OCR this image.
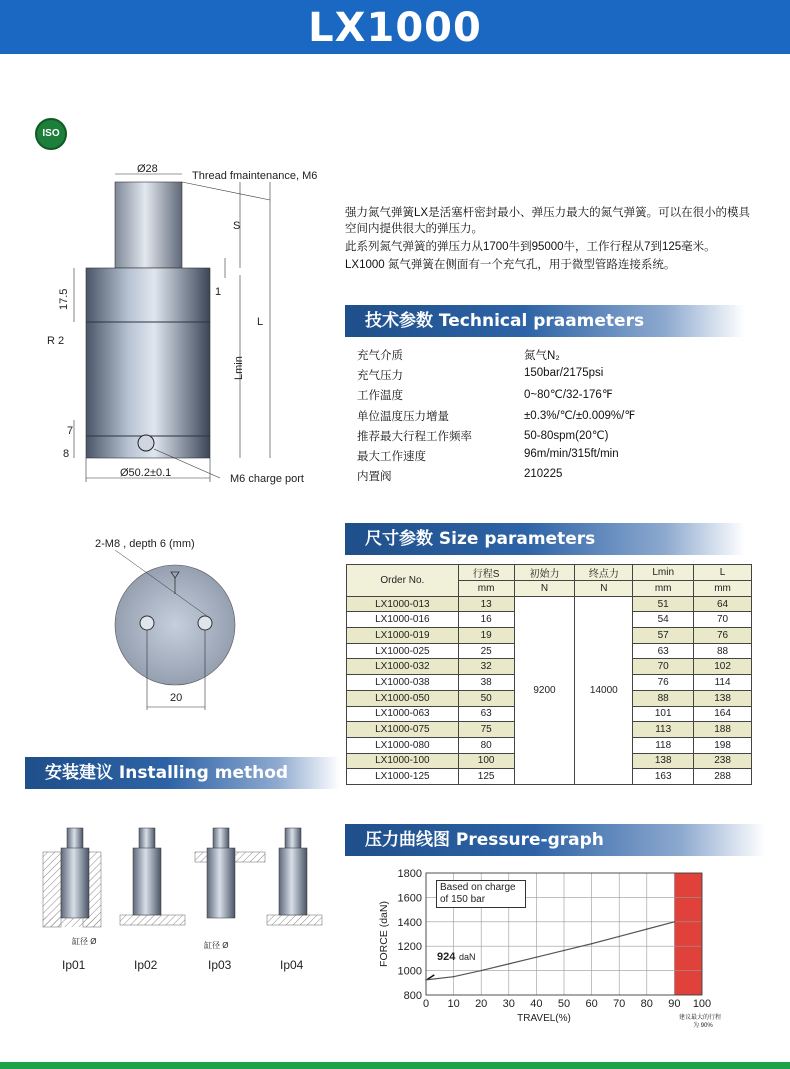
LX1000
ISO
Ø28
Thread fmaintenance, M6
S
1
17.5
R 2
L
Lmin
7
8
Ø50.2±0.1	M6 charge port
2-M8 , depth 6 (mm)
20

强力氮气弹簧LX是活塞杆密封最小、弹压力最大的氮气弹簧。可以在很小的模具空间内提供很大的弹压力。

此系列氮气弹簧的弹压力从1700牛到95000牛，工作行程从7到125毫米。

LX1000 氮气弹簧在侧面有一个充气孔，用于微型管路连接系统。

技术参数 Technical praameters
尺寸参数 Size parameters
安装建议 Installing method
压力曲线图 Pressure-graph
充气介质	氮气N₂
充气压力	150bar/2175psi
工作温度	0~80℃/32-176℉
单位温度压力增量	±0.3%/℃/±0.009%/℉
推荐最大行程工作频率	50-80spm(20℃)
最大工作速度	96m/min/315ft/min
内置阀	210225
Order No.	行程S	初始力	终点力	Lmin	L
	mm	N	N	mm	mm
LX1000-013	13	9200	14000	51	64
LX1000-016	16			54	70
LX1000-019	19			57	76
LX1000-025	25			63	88
LX1000-032	32			70	102
LX1000-038	38			76	114
LX1000-050	50			88	138
LX1000-063	63			101	164
LX1000-075	75			113	188
LX1000-080	80			118	198
LX1000-100	100			138	238
LX1000-125	125			163	288
缸径 Ø	缸径 Ø
Ip01	Ip02	Ip03	Ip04
0 10 20 30 40 50 60 70 80 90 100
800
1000
1200
1400
1600
1800
TRAVEL(%)
FORCE (daN)
Based on charge of 150 bar
924 daN
建议最大的行程
为 90%
